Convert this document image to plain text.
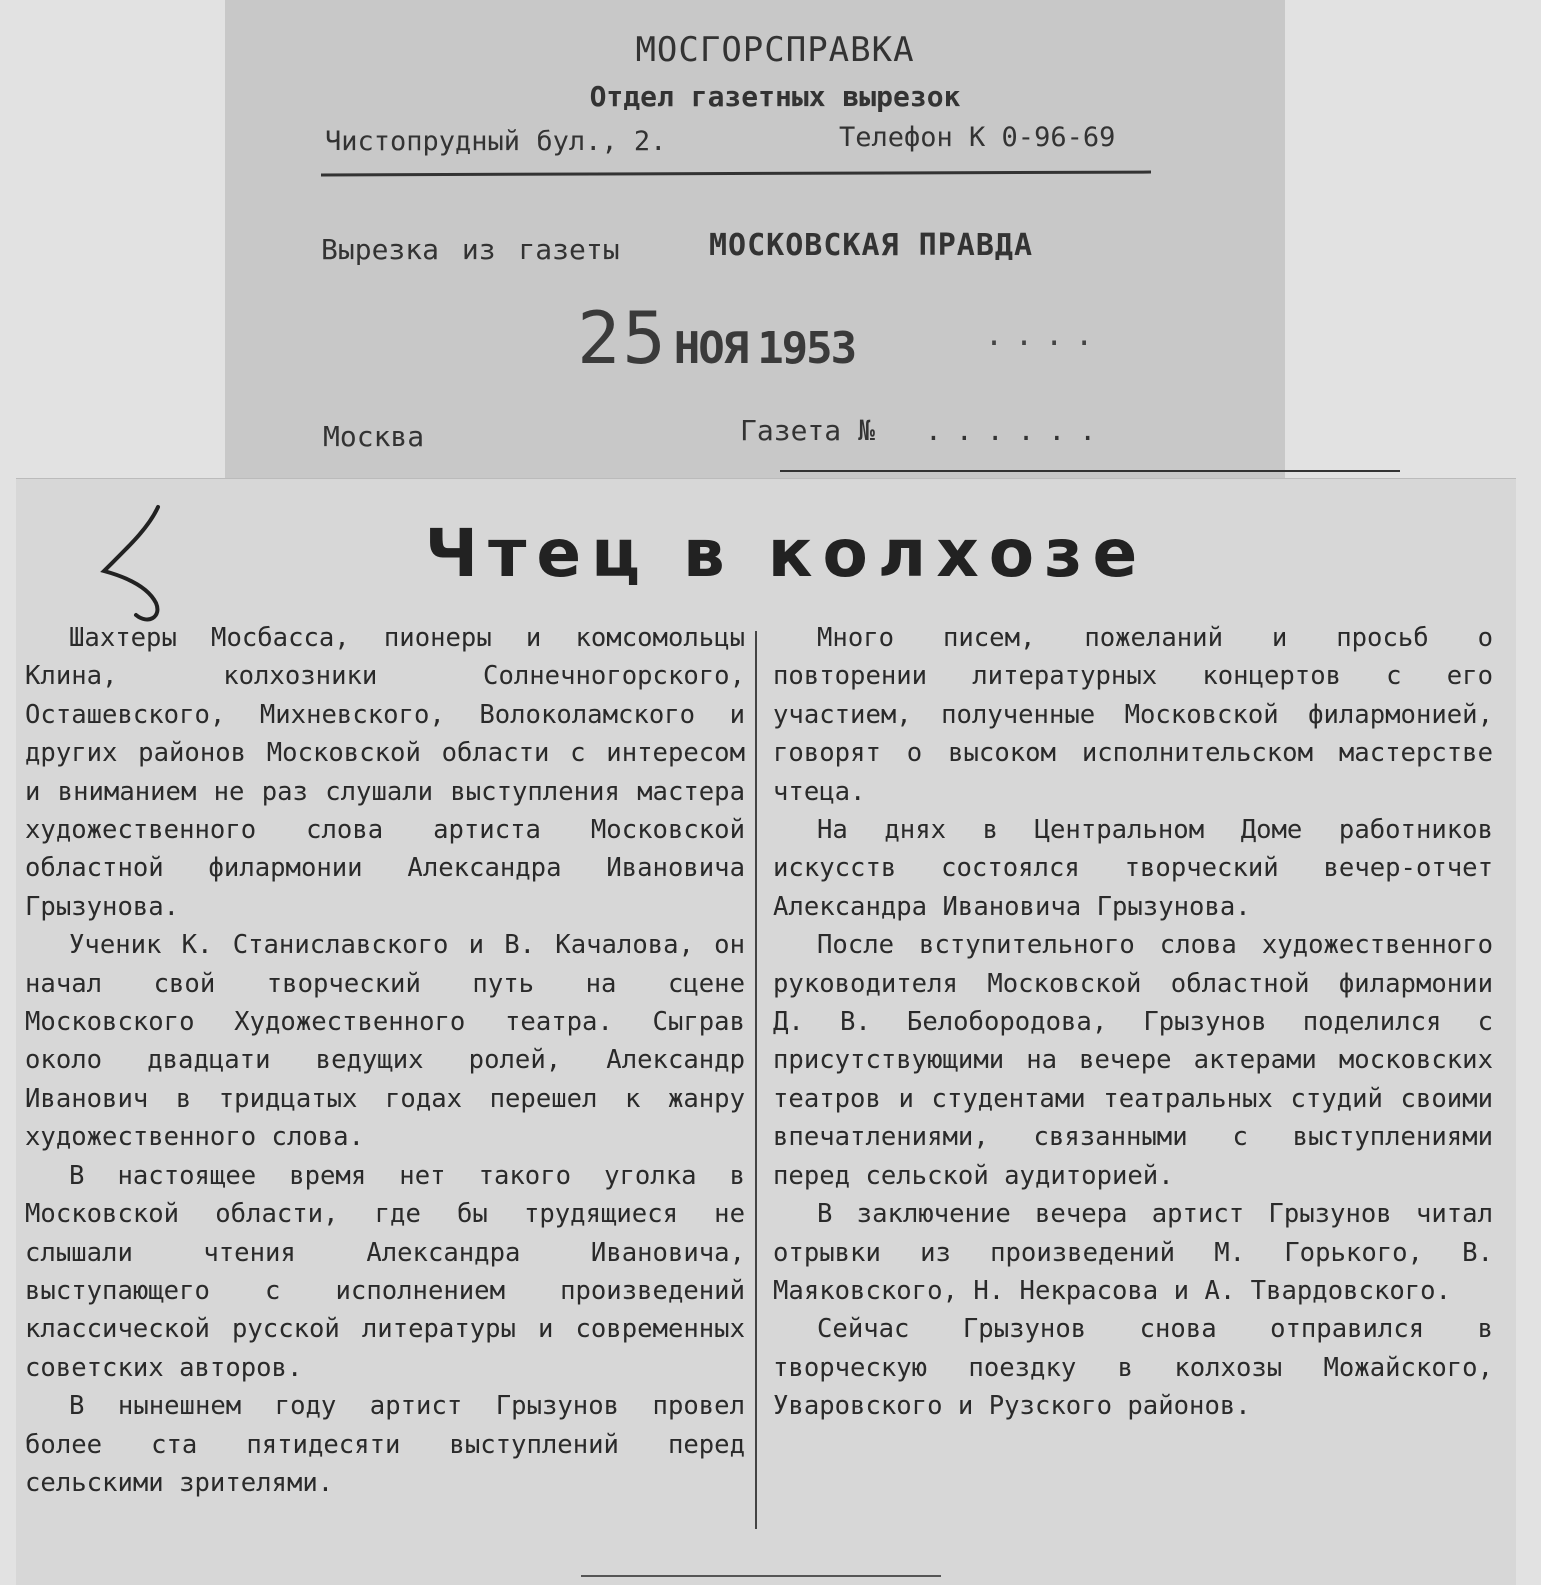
МОСГОРСПРАВКА
Отдел газетных вырезок
Чистопрудный бул., 2.	Телефон К 0-96-69
Вырезка из газеты	МОСКОВСКАЯ ПРАВДА
25 НОЯ 1953	....
Москва	Газета № ......
Чтец в колхозе

Шахтеры Мосбасса, пионеры и комсомольцы Клина, колхозники Солнечногорского, Осташевского, Михневского, Волоколамского и других районов Московской области с интересом и вниманием не раз слушали выступления мастера художественного слова артиста Московской областной филармонии Александра Ивановича Грызунова.

Ученик К. Станиславского и В. Качалова, он начал свой творческий путь на сцене Московского Художественного театра. Сыграв около двадцати ведущих ролей, Александр Иванович в тридцатых годах перешел к жанру художественного слова.

В настоящее время нет такого уголка в Московской области, где бы трудящиеся не слышали чтения Александра Ивановича, выступающего с исполнением произведений классической русской литературы и современных советских авторов.

В нынешнем году артист Грызунов провел более ста пятидесяти выступлений перед сельскими зрителями.

Много писем, пожеланий и просьб о повторении литературных концертов с его участием, полученные Московской филармонией, говорят о высоком исполнительском мастерстве чтеца.

На днях в Центральном Доме работников искусств состоялся творческий вечер-отчет Александра Ивановича Грызунова.

После вступительного слова художественного руководителя Московской областной филармонии Д. В. Белобородова, Грызунов поделился с присутствующими на вечере актерами московских театров и студентами театральных студий своими впечатлениями, связанными с выступлениями перед сельской аудиторией.

В заключение вечера артист Грызунов читал отрывки из произведений М. Горького, В. Маяковского, Н. Некрасова и А. Твардовского.

Сейчас Грызунов снова отправился в творческую поездку в колхозы Можайского, Уваровского и Рузского районов.
